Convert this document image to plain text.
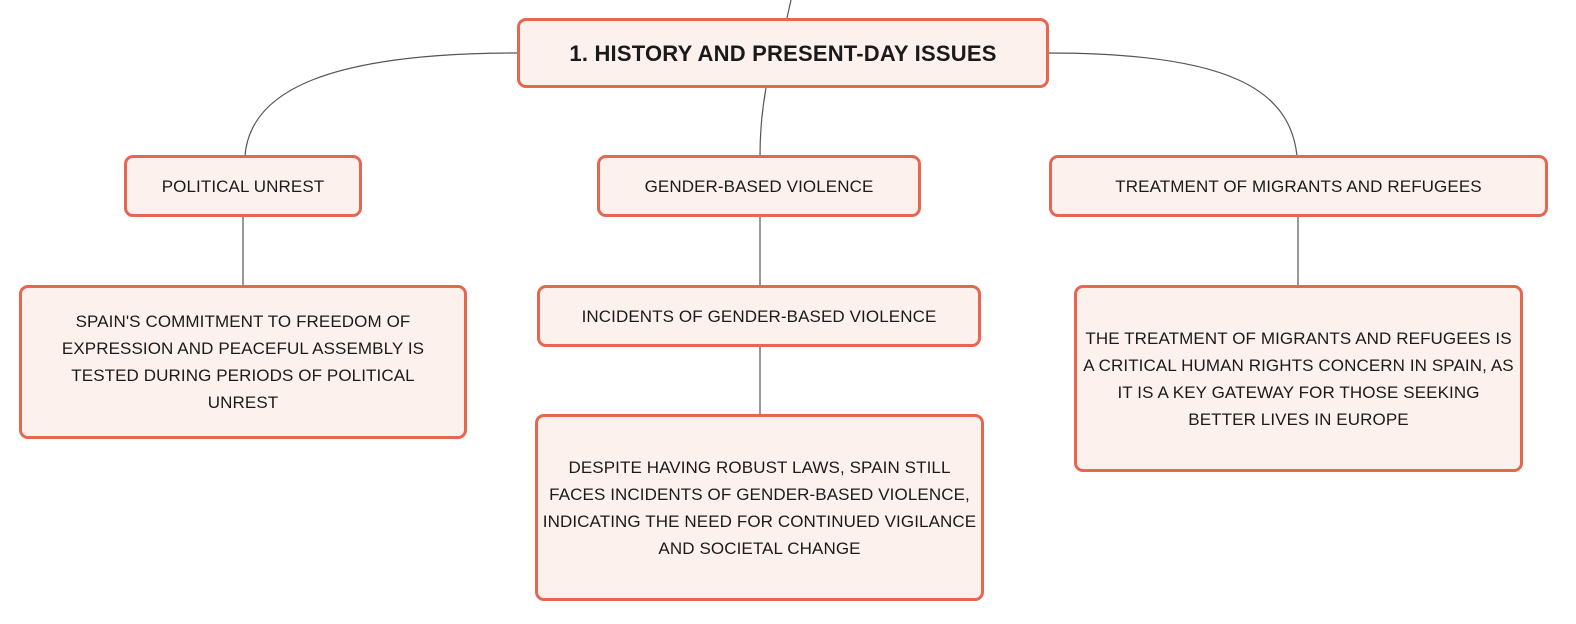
1. HISTORY AND PRESENT-DAY ISSUES
POLITICAL UNREST	GENDER-BASED VIOLENCE	TREATMENT OF MIGRANTS AND REFUGEES
SPAIN'S COMMITMENT TO FREEDOM OF EXPRESSION AND PEACEFUL ASSEMBLY IS TESTED DURING PERIODS OF POLITICAL UNREST
INCIDENTS OF GENDER-BASED VIOLENCE
DESPITE HAVING ROBUST LAWS, SPAIN STILL FACES INCIDENTS OF GENDER-BASED VIOLENCE, INDICATING THE NEED FOR CONTINUED VIGILANCE AND SOCIETAL CHANGE
THE TREATMENT OF MIGRANTS AND REFUGEES IS A CRITICAL HUMAN RIGHTS CONCERN IN SPAIN, AS IT IS A KEY GATEWAY FOR THOSE SEEKING BETTER LIVES IN EUROPE
